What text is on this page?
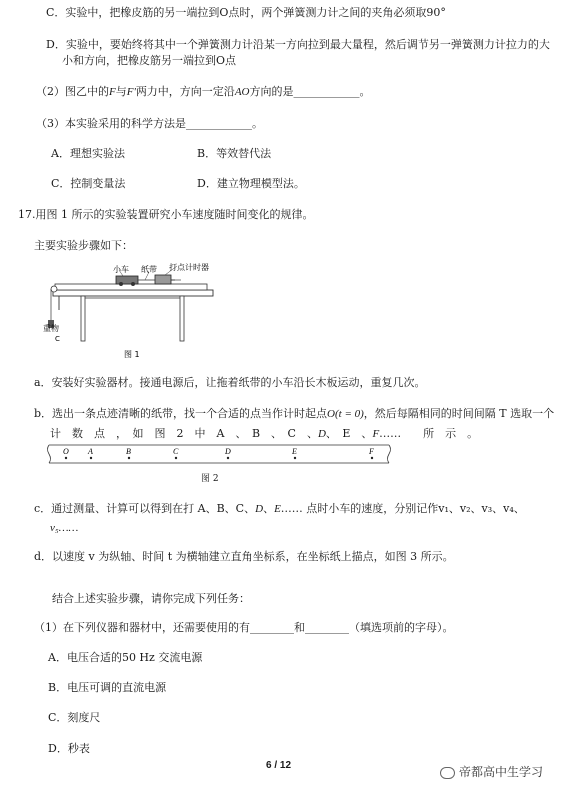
C．实验中，把橡皮筋的另一端拉到O点时，两个弹簧测力计之间的夹角必须取90°
D．实验中，要始终将其中一个弹簧测力计沿某一方向拉到最大量程，然后调节另一弹簧测力计拉力的大
小和方向，把橡皮筋另一端拉到O点
（2）图乙中的F与F'两力中，方向一定沿AO方向的是____________。
（3）本实验采用的科学方法是____________。
A．理想实验法	B．等效替代法
C．控制变量法	D．建立物理模型法。
17.用图 1 所示的实验装置研究小车速度随时间变化的规律。
主要实验步骤如下：
小车 纸带 打点计时器
重物
C
图 1
a．安装好实验器材。接通电源后，让拖着纸带的小车沿长木板运动，重复几次。
b．选出一条点迹清晰的纸带，找一个合适的点当作计时起点O(t = 0)，然后每隔相同的时间间隔 T 选取一个
计　数　点　，　如　图　2　中　A　、　B　、　C　、D、　E　、F……　　所　示　。
O A	B	C	D	E	F
图 2
c．通过测量、计算可以得到在打 A、B、C、D、E…… 点时小车的速度，分别记作v₁、v₂、v₃、v₄、
v₅……
d．以速度 v 为纵轴、时间 t 为横轴建立直角坐标系，在坐标纸上描点，如图 3 所示。
结合上述实验步骤，请你完成下列任务：
（1）在下列仪器和器材中，还需要使用的有________和________（填选项前的字母）。
A．电压合适的50 Hz 交流电源
B．电压可调的直流电源
C．刻度尺
D．秒表
6 / 12	帝都高中生学习
